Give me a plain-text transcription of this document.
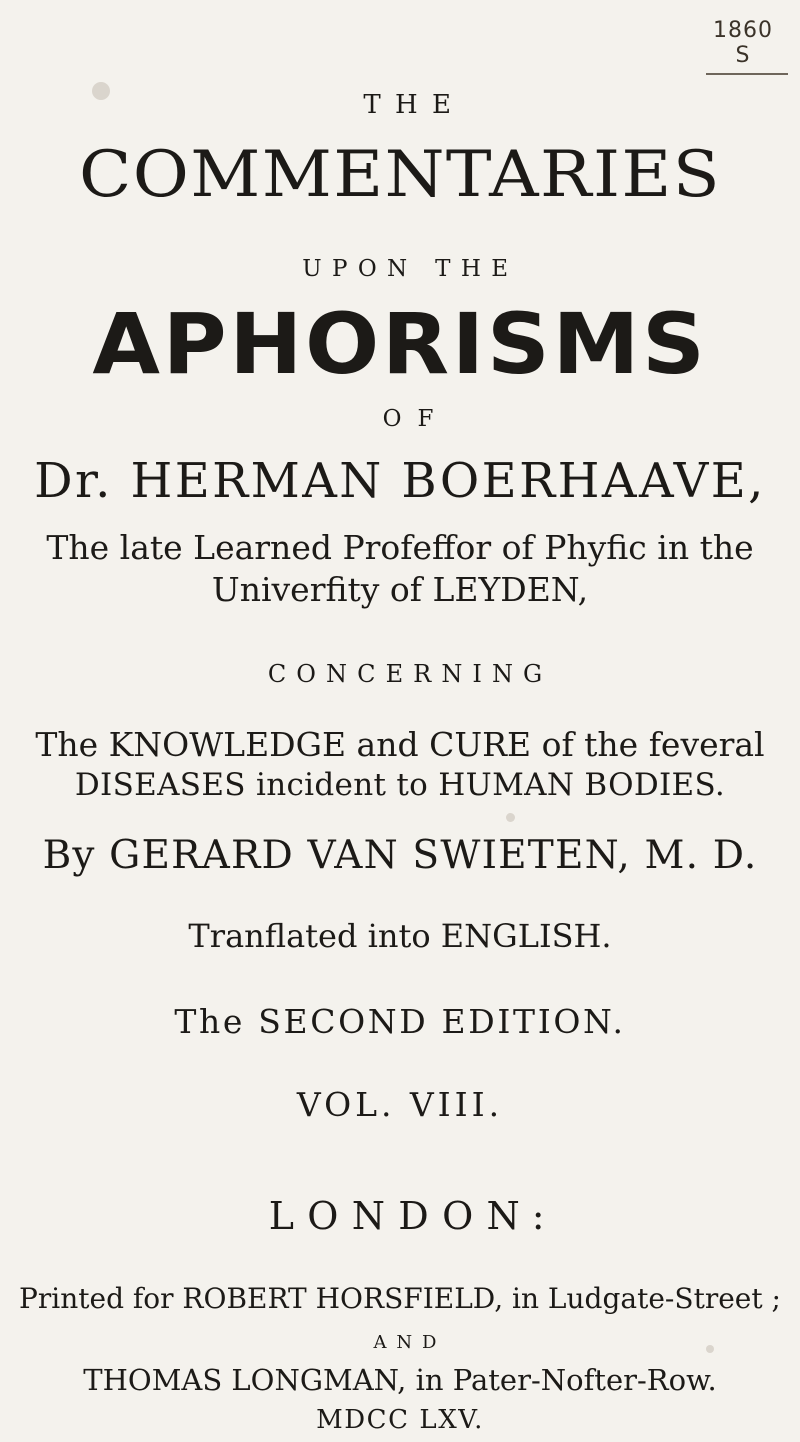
1860 S
THE
COMMENTARIES
UPON THE
APHORISMS
OF
Dr. HERMAN BOERHAAVE,
The late Learned Profeffor of Phyfic in the
Univerfity of LEYDEN,
CONCERNING
The KNOWLEDGE and CURE of the feveral
DISEASES incident to HUMAN BODIES.
By GERARD VAN SWIETEN, M. D.
Tranflated into ENGLISH.
The SECOND EDITION.
VOL. VIII.
LONDON:
Printed for ROBERT HORSFIELD, in Ludgate-Street ;
AND
THOMAS LONGMAN, in Pater-Nofter-Row.
MDCC LXV.
